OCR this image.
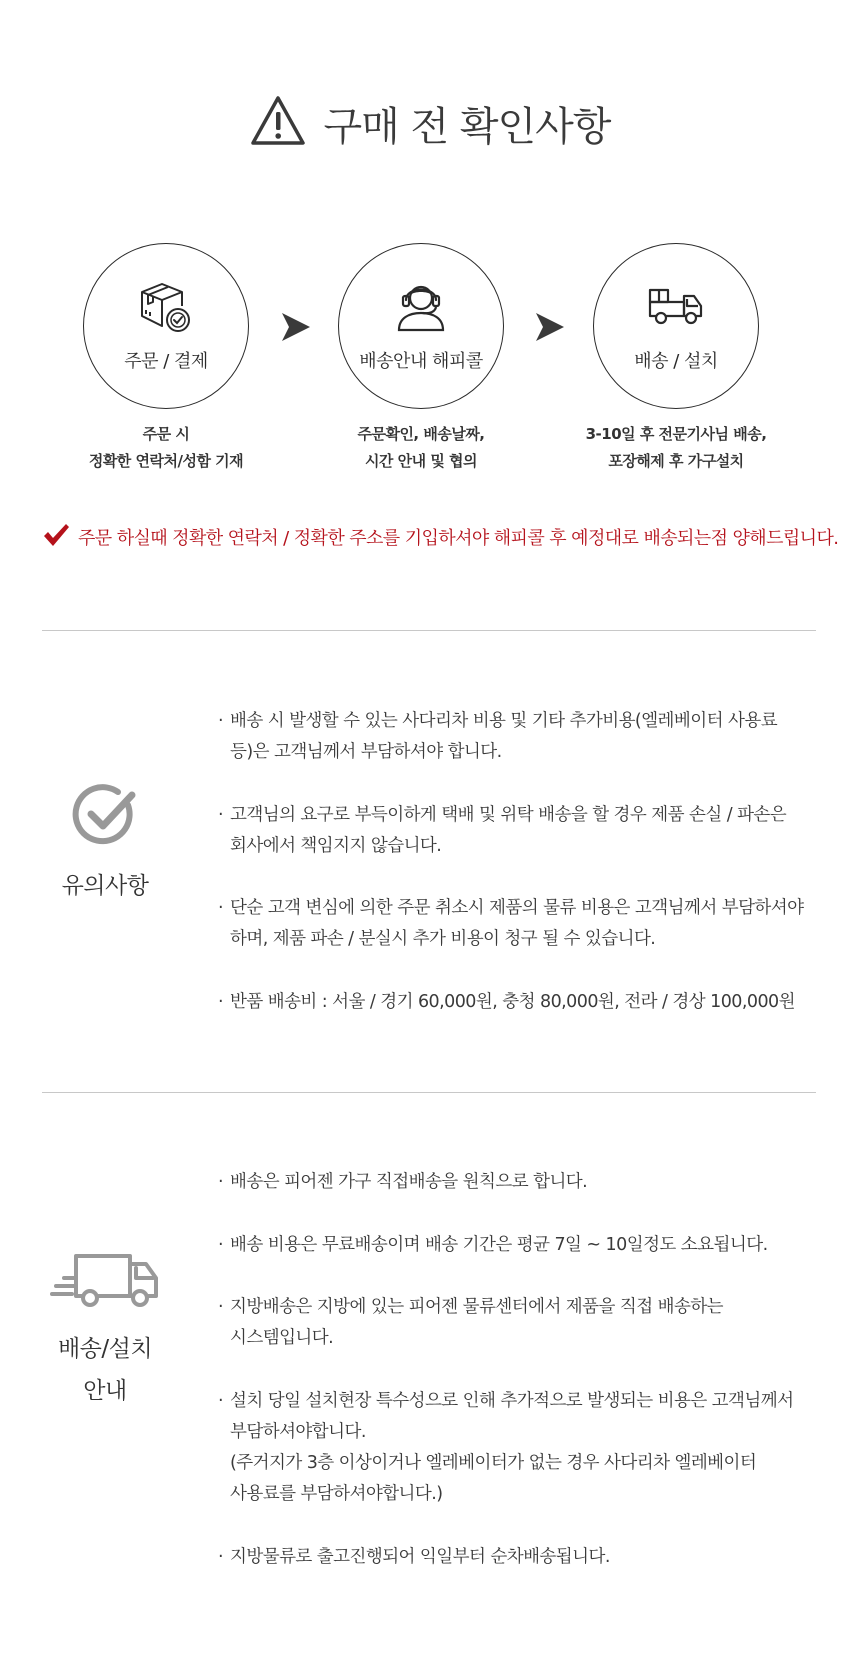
구매 전 확인사항
주문 / 결제	배송안내 해피콜	배송 / 설치
주문 시
정확한 연락처/성함 기재
주문확인, 배송날짜,
시간 안내 및 협의
3-10일 후 전문기사님 배송,
포장해제 후 가구설치
주문 하실때 정확한 연락처 / 정확한 주소를 기입하셔야 해피콜 후 예정대로 배송되는점 양해드립니다.
유의사항
· 배송 시 발생할 수 있는 사다리차 비용 및 기타 추가비용(엘레베이터 사용료
등)은 고객님께서 부담하셔야 합니다.
· 고객님의 요구로 부득이하게 택배 및 위탁 배송을 할 경우 제품 손실 / 파손은
회사에서 책임지지 않습니다.
· 단순 고객 변심에 의한 주문 취소시 제품의 물류 비용은 고객님께서 부담하셔야
하며, 제품 파손 / 분실시 추가 비용이 청구 될 수 있습니다.
· 반품 배송비 : 서울 / 경기 60,000원, 충청 80,000원, 전라 / 경상 100,000원
배송/설치
안내
· 배송은 피어젠 가구 직접배송을 원칙으로 합니다.
· 배송 비용은 무료배송이며 배송 기간은 평균 7일 ~ 10일정도 소요됩니다.
· 지방배송은 지방에 있는 피어젠 물류센터에서 제품을 직접 배송하는
시스템입니다.
· 설치 당일 설치현장 특수성으로 인해 추가적으로 발생되는 비용은 고객님께서
부담하셔야합니다.
(주거지가 3층 이상이거나 엘레베이터가 없는 경우 사다리차 엘레베이터
사용료를 부담하셔야합니다.)
· 지방물류로 출고진행되어 익일부터 순차배송됩니다.
